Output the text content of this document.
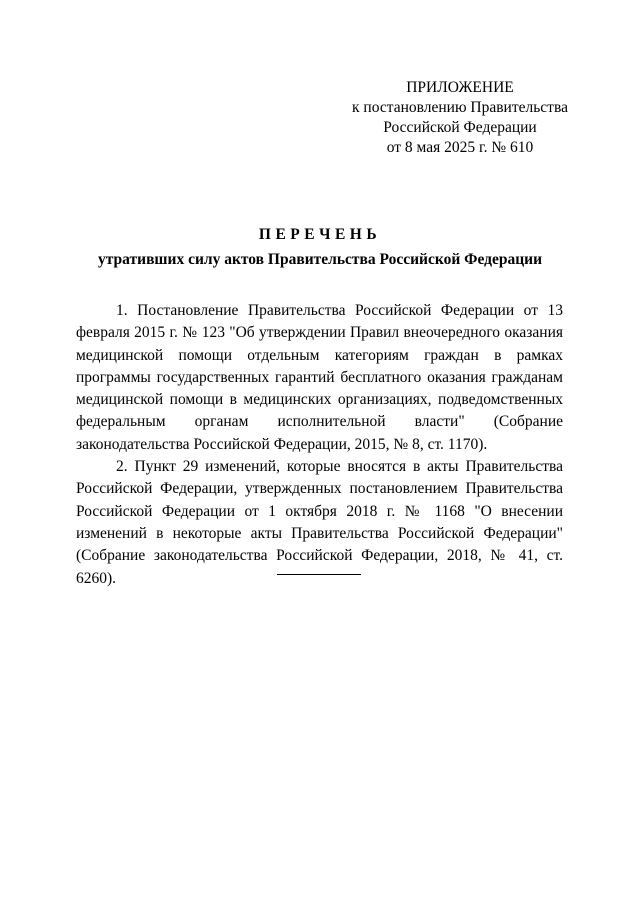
ПРИЛОЖЕНИЕ
к постановлению Правительства
Российской Федерации
от 8 мая 2025 г. № 610
ПЕРЕЧЕНЬ
утративших силу актов Правительства Российской Федерации

1. Постановление Правительства Российской Федерации от 13 февраля 2015 г. № 123 "Об утверждении Правил внеочередного оказания медицинской помощи отдельным категориям граждан в рамках программы государственных гарантий бесплатного оказания гражданам медицинской помощи в медицинских организациях, подведомственных федеральным органам исполнительной власти" (Собрание законодательства Российской Федерации, 2015, № 8, ст. 1170).

2. Пункт 29 изменений, которые вносятся в акты Правительства Российской Федерации, утвержденных постановлением Правительства Российской Федерации от 1 октября 2018 г. № 1168 "О внесении изменений в некоторые акты Правительства Российской Федерации" (Собрание законодательства Российской Федерации, 2018, № 41, ст. 6260).
